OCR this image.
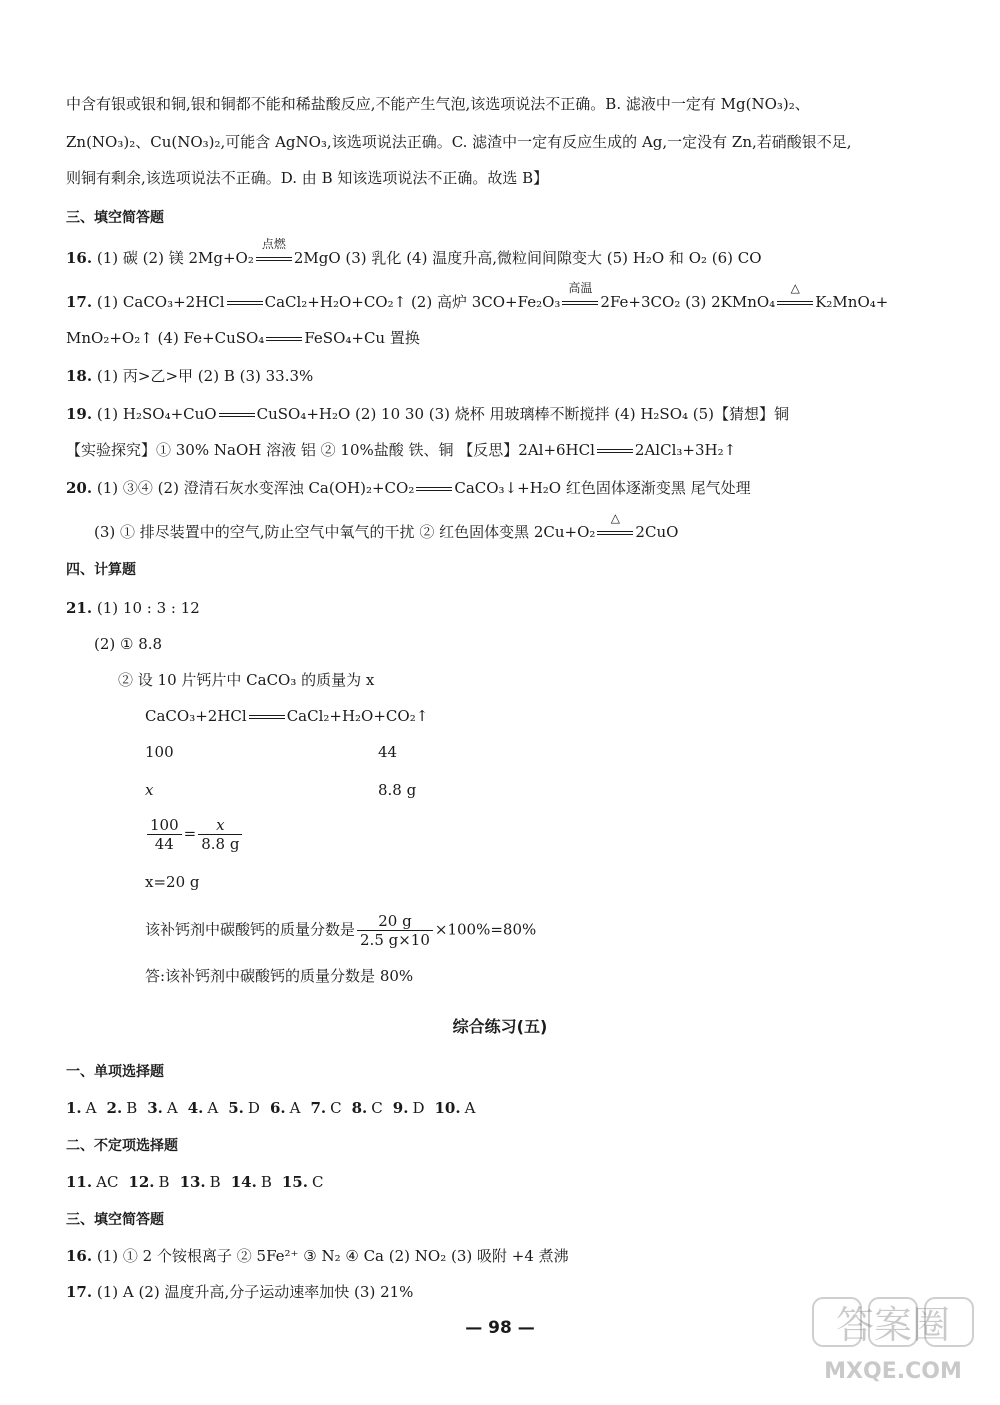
中含有银或银和铜,银和铜都不能和稀盐酸反应,不能产生气泡,该选项说法不正确。B. 滤液中一定有 Mg(NO₃)₂、
Zn(NO₃)₂、Cu(NO₃)₂,可能含 AgNO₃,该选项说法正确。C. 滤渣中一定有反应生成的 Ag,一定没有 Zn,若硝酸银不足,
则铜有剩余,该选项说法不正确。D. 由 B 知该选项说法不正确。故选 B】
三、填空简答题
16. (1) 碳 (2) 镁 2Mg+O₂
点燃
2MgO (3) 乳化 (4) 温度升高,微粒间间隙变大 (5) H₂O 和 O₂ (6) CO
17. (1) CaCO₃+2HCl	CaCl₂+H₂O+CO₂↑ (2) 高炉 3CO+Fe₂O₃
高温
2Fe+3CO₂ (3) 2KMnO₄
△
K₂MnO₄+
MnO₂+O₂↑ (4) Fe+CuSO₄	FeSO₄+Cu 置换
18. (1) 丙>乙>甲 (2) B (3) 33.3%
19. (1) H₂SO₄+CuO	CuSO₄+H₂O (2) 10 30 (3) 烧杯 用玻璃棒不断搅拌 (4) H₂SO₄ (5)【猜想】铜
【实验探究】① 30% NaOH 溶液 铝 ② 10%盐酸 铁、铜 【反思】2Al+6HCl	2AlCl₃+3H₂↑
20. (1) ③④ (2) 澄清石灰水变浑浊 Ca(OH)₂+CO₂	CaCO₃↓+H₂O 红色固体逐渐变黑 尾气处理
(3) ① 排尽装置中的空气,防止空气中氧气的干扰 ② 红色固体变黑 2Cu+O₂
△
2CuO
四、计算题
21. (1) 10 : 3 : 12
(2) ① 8.8
② 设 10 片钙片中 CaCO₃ 的质量为 x
CaCO₃+2HCl	CaCl₂+H₂O+CO₂↑
100	44
x	8.8 g
$\frac{100}{44} = \frac{x}{8.8 g}$
x=20 g
该补钙剂中碳酸钙的质量分数是 $\frac{20 g}{2.5 g\times 10} \times 100\%=80\%$
答:该补钙剂中碳酸钙的质量分数是 80%
综合练习(五)
一、单项选择题
1. A 2. B 3. A 4. A 5. D 6. A 7. C 8. C 9. D 10. A
二、不定项选择题
11. AC 12. B 13. B 14. B 15. C
三、填空简答题
16. (1) ① 2 个铵根离子 ② 5Fe²⁺ ③ N₂ ④ Ca (2) NO₂ (3) 吸附 +4 煮沸
17. (1) A (2) 温度升高,分子运动速率加快 (3) 21%
— 98 —	答案圈
MXQE.COM
